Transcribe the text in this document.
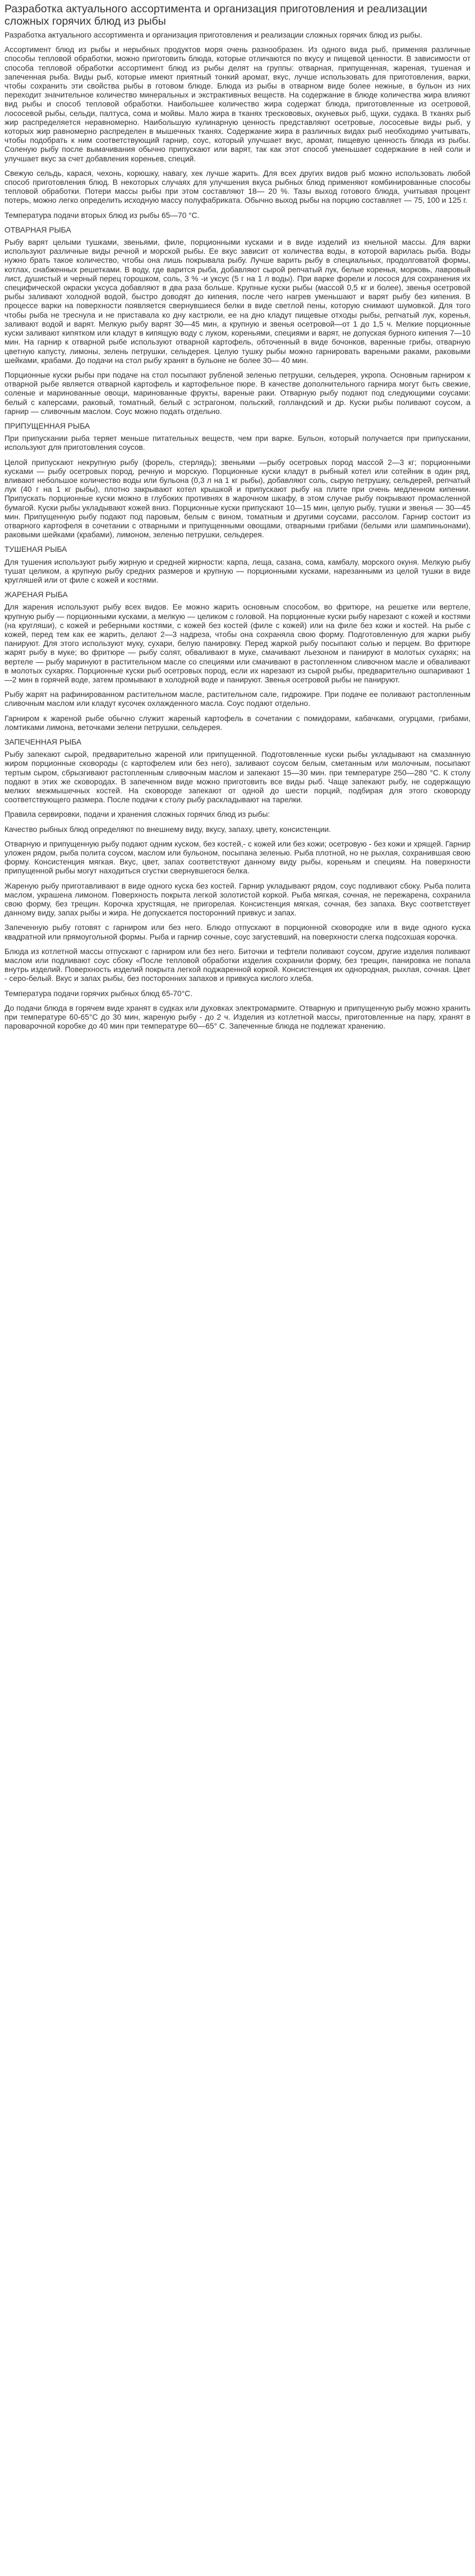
Разработка актуального ассортимента и организация приготовления и реализации сложных горячих блюд из рыбы

Разработка актуального ассортимента и организация приготовления и реализации сложных горячих блюд из рыбы.

Ассортимент блюд из рыбы и нерыбных продуктов моря очень разнообразен. Из одного вида рыб, применяя различные способы тепловой обработки, можно приготовить блюда, которые отличаются по вкусу и пищевой ценности. В зависимости от способа тепловой обработки ассортимент блюд из рыбы делят на группы: отварная, припущенная, жареная, тушеная и запеченная рыба. Виды рыб, которые имеют приятный тонкий аромат, вкус, лучше использовать для приготовления, варки, чтобы сохранить эти свойства рыбы в готовом блюде. Блюда из рыбы в отварном виде более нежные, в бульон из них переходит значительное количество минеральных и экстрактивных веществ. На содержание в блюде количества жира влияют вид рыбы и способ тепловой обработки. Наибольшее количество жира содержат блюда, приготовленные из осетровой, лососевой рыбы, сельди, палтуса, сома и мойвы. Мало жира в тканях трескововых, окуневых рыб, щуки, судака. В тканях рыб жир распределяется неравномерно. Наибольшую кулинарную ценность представляют осетровые, лососевые виды рыб, у которых жир равномерно распределен в мышечных тканях. Содержание жира в различных видах рыб необходимо учитывать, чтобы подобрать к ним соответствующий гарнир, соус, который улучшает вкус, аромат, пищевую ценность блюда из рыбы. Соленую рыбу после вымачивания обычно припускают или варят, так как этот способ уменьшает содержание в ней соли и улучшает вкус за счет добавления кореньев, специй.

Свежую сельдь, карася, чехонь, корюшку, навагу, хек лучше жарить. Для всех других видов рыб можно использовать любой способ приготовления блюд. В некоторых случаях для улучшения вкуса рыбных блюд применяют комбинированные способы тепловой обработки. Потери массы рыбы при этом составляют 18— 20 %. Тазы выход готового блюда, учитывая процент потерь, можно легко определить исходную массу полуфабриката. Обычно выход рыбы на порцию составляет — 75, 100 и 125 г.

Температура подачи вторых блюд из рыбы 65—70 °С.

ОТВАРНАЯ РЫБА

Рыбу варят целыми тушками, звеньями, филе, порционными кусками и в виде изделий из кнельной массы. Для варки используют различные виды речной и морской рыбы. Ее вкус зависит от количества воды, в которой варилась рыба. Воды нужно брать такое количество, чтобы она лишь покрывала рыбу. Лучше варить рыбу в специальных, продолговатой формы, котлах, снабженных решетками. В воду, где варится рыба, добавляют сырой репчатый лук, белые коренья, морковь, лавровый лист, душистый и черный перец горошком, соль, 3 % -и уксус (5 г на 1 л воды). При варке форели и лосося для сохранения их специфической окраски уксуса добавляют в два раза больше. Крупные куски рыбы (массой 0,5 кг и более), звенья осетровой рыбы заливают холодной водой, быстро доводят до кипения, после чего нагрев уменьшают и варят рыбу без кипения. В процессе варки на поверхности появляется свернувшиеся белки в виде светлой пены, которую снимают шумовкой. Для того чтобы рыба не треснула и не приставала ко дну кастрюли, ее на дно кладут пищевые отходы рыбы, репчатый лук, коренья, заливают водой и варят. Мелкую рыбу варят 30—45 мин, а крупную и звенья осетровой—от 1 до 1,5 ч. Мелкие порционные куски заливают кипятком или кладут в кипящую воду с луком, кореньями, специями и варят, не допуская бурного кипения 7—10 мин. На гарнир к отварной рыбе используют отварной картофель, обточенный в виде бочонков, варенные грибы, отварную цветную капусту, лимоны, зелень петрушки, сельдерея. Целую тушку рыбы можно гарнировать вареными раками, раковыми шейками, крабами. До подачи на стол рыбу хранят в бульоне не более 30— 40 мин.

Порционные куски рыбы при подаче на стол посыпают рубленой зеленью петрушки, сельдерея, укропа. Основным гарниром к отварной рыбе является отварной картофель и картофельное пюре. В качестве дополнительного гарнира могут быть свежие, соленые и маринованные овощи, маринованные фрукты, вареные раки. Отварную рыбу подают под следующими соусами: белый с каперсами, раковый, томатный, белый с эстрагоном, польский, голландский и др. Куски рыбы поливают соусом, а гарнир — сливочным маслом. Соус можно подать отдельно.

ПРИПУЩЕННАЯ РЫБА

При припускании рыба теряет меньше питательных веществ, чем при варке. Бульон, который получается при припускании, используют для приготовления соусов.

Целой припускают некрупную рыбу (форель, стерлядь); звеньями —рыбу осетровых пород массой 2—3 кг; порционными кусками — рыбу осетровых пород, речную и морскую. Порционные куски кладут в рыбный котел или сотейник в один ряд, вливают небольшое количество воды или бульона (0,3 л на 1 кг рыбы), добавляют соль, сырую петрушку, сельдерей, репчатый лук (40 г на 1 кг рыбы), плотно закрывают котел крышкой и припускают рыбу на плите при очень медленном кипении. Припускать порционные куски можно в глубоких противнях в жарочном шкафу, в этом случае рыбу покрывают промасленной бумагой. Куски рыбы укладывают кожей вниз. Порционные куски припускают 10—15 мин, целую рыбу, тушки и звенья — 30—45 мин. Припущенную рыбу подают под паровым, белым с вином, томатным и другими соусами, рассолом. Гарнир состоит из отварного картофеля в сочетании с отварными и припущенными овощами, отварными грибами (белыми или шампиньонами), раковыми шейками (крабами), лимоном, зеленью петрушки, сельдерея.

ТУШЕНАЯ РЫБА

Для тушения используют рыбу жирную и средней жирности: карпа, леща, сазана, сома, камбалу, морского окуня. Мелкую рыбу тушат целиком, а крупную рыбу средних размеров и крупную — порционными кусками, нарезанными из целой тушки в виде кругляшей или от филе с кожей и костями.

ЖАРЕНАЯ РЫБА

Для жарения используют рыбу всех видов. Ее можно жарить основным способом, во фритюре, на решетке или вертеле, крупную рыбу — порционными кусками, а мелкую — целиком с головой. На порционные куски рыбу нарезают с кожей и костями (на кругляши), с кожей и реберными костями, с кожей без костей (филе с кожей) или на филе без кожи и костей. На рыбе с кожей, перед тем как ее жарить, делают 2—3 надреза, чтобы она сохраняла свою форму. Подготовленную для жарки рыбу панируют. Для этого используют муку, сухари, белую панировку. Перед жаркой рыбу посыпают солью и перцем. Во фритюре жарят рыбу в муке; во фритюре — рыбу солят, обваливают в муке, смачивают льезоном и панируют в молотых сухарях; на вертеле — рыбу маринуют в растительном масле со специями или смачивают в растопленном сливочном масле и обваливают в молотых сухарях. Порционные куски рыб осетровых пород, если их нарезают из сырой рыбы, предварительно ошпаривают 1—2 мин в горячей воде, затем промывают в холодной воде и панируют. Звенья осетровой рыбы не панируют.

Рыбу жарят на рафинированном растительном масле, растительном сале, гидрожире. При подаче ее поливают растопленным сливочным маслом или кладут кусочек охлажденного масла. Соус подают отдельно.

Гарниром к жареной рыбе обычно служит жареный картофель в сочетании с помидорами, кабачками, огурцами, грибами, ломтиками лимона, веточками зелени петрушки, сельдерея.

ЗАПЕЧЕННАЯ РЫБА

Рыбу запекают сырой, предварительно жареной или припущенной. Подготовленные куски рыбы укладывают на смазанную жиром порционные сковороды (с картофелем или без него), заливают соусом белым, сметанным или молочным, посыпают тертым сыром, сбрызгивают растопленным сливочным маслом и запекают 15—30 мин. при температуре 250—280 °С. К столу подают в этих же сковородах. В запеченном виде можно приготовить все виды рыб. Чаще запекают рыбу, не содержащую мелких межмышечных костей. На сковороде запекают от одной до шести порций, подбирая для этого сковороду соответствующего размера. После подачи к столу рыбу раскладывают на тарелки.

Правила сервировки, подачи и хранения сложных горячих блюд из рыбы:

Качество рыбных блюд определяют по внешнему виду, вкусу, запаху, цвету, консистенции.

Отварную и припущенную рыбу подают одним куском, без костей,- с кожей или без кожи; осетровую - без кожи и хрящей. Гарнир уложен рядом, рыба полита соусом, маслом или бульоном, посыпана зеленью. Рыба плотной, но не рыхлая, сохранившая свою форму. Консистенция мягкая. Вкус, цвет, запах соответствуют данному виду рыбы, кореньям и специям. На поверхности припущенной рыбы могут находиться сгустки свернувшегося белка.

Жареную рыбу приготавливают в виде одного куска без костей. Гарнир укладывают рядом, соус подливают сбоку. Рыба полита маслом, украшена лимоном. Поверхность покрыта легкой золотистой коркой. Рыба мягкая, сочная, не пережарена, сохранила свою форму, без трещин. Корочка хрустящая, не пригорелая. Консистенция мягкая, сочная, без запаха. Вкус соответствует данному виду, запах рыбы и жира. Не допускается посторонний привкус и запах.

Запеченную рыбу готовят с гарниром или без него. Блюдо отпускают в порционной сковородке или в виде одного куска квадратной или прямоугольной формы. Рыба и гарнир сочные, соус загустевший, на поверхности слегка подсохшая корочка.

Блюда из котлетной массы отпускают с гарниром или без него. Биточки и тефтели поливают соусом, другие изделия поливают маслом или подливают соус сбоку «После тепловой обработки изделия сохранили форму, без трещин, панировка не попала внутрь изделий. Поверхность изделий покрыта легкой поджаренной коркой. Консистенция их однородная, рыхлая, сочная. Цвет - серо-белый. Вкус и запах рыбы, без посторонних запахов и привкуса кислого хлеба.

Температура подачи горячих рыбных блюд 65-70°С.

До подачи блюда в горячем виде хранят в судках или духовках электромармите. Отварную и припущенную рыбу можно хранить при температуре 60-65°С до 30 мин, жареную рыбу - до 2 ч. Изделия из котлетной массы, приготовленные на пару, хранят в пароварочной коробке до 40 мин при температуре 60—65° С. Запеченные блюда не подлежат хранению.
